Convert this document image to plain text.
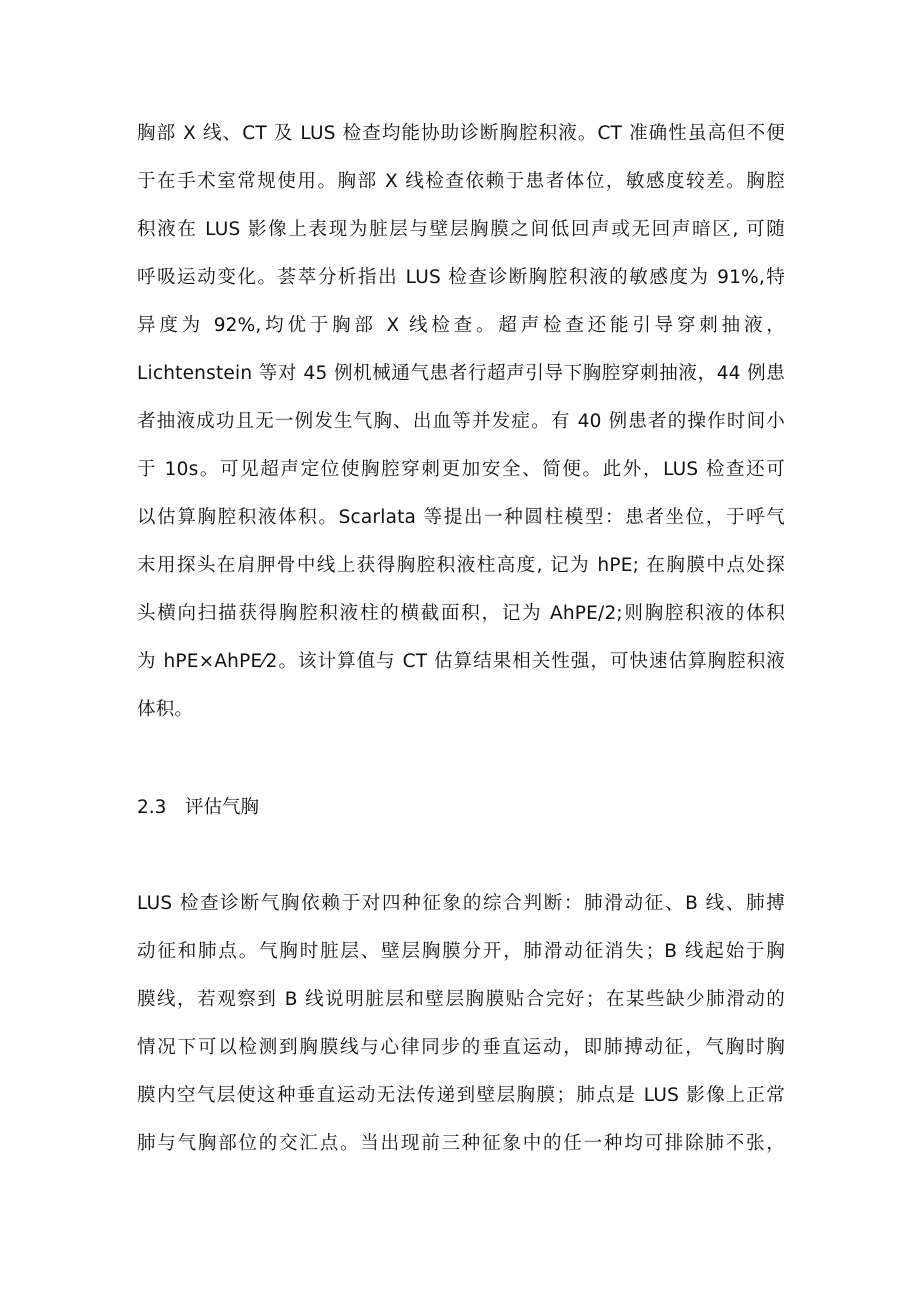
胸部 X 线、CT 及 LUS 检查均能协助诊断胸腔积液。CT 准确性虽高但不便
于在手术室常规使用。胸部 X 线检查依赖于患者体位，敏感度较差。胸腔
积液在 LUS 影像上表现为脏层与壁层胸膜之间低回声或无回声暗区, 可随
呼吸运动变化。荟萃分析指出 LUS 检查诊断胸腔积液的敏感度为 91%,特
异度为 92%,均优于胸部 X 线检查。超声检查还能引导穿刺抽液，
Lichtenstein 等对 45 例机械通气患者行超声引导下胸腔穿刺抽液，44 例患
者抽液成功且无一例发生气胸、出血等并发症。有 40 例患者的操作时间小
于 10s。可见超声定位使胸腔穿刺更加安全、简便。此外，LUS 检查还可
以估算胸腔积液体积。Scarlata 等提出一种圆柱模型：患者坐位，于呼气
末用探头在肩胛骨中线上获得胸腔积液柱高度, 记为 hPE; 在胸膜中点处探
头横向扫描获得胸腔积液柱的横截面积，记为 AhPE/2;则胸腔积液的体积
为 hPE×AhPE⁄2。该计算值与 CT 估算结果相关性强，可快速估算胸腔积液
体积。
2.3 评估气胸
LUS 检查诊断气胸依赖于对四种征象的综合判断：肺滑动征、B 线、肺搏
动征和肺点。气胸时脏层、壁层胸膜分开，肺滑动征消失；B 线起始于胸
膜线，若观察到 B 线说明脏层和壁层胸膜贴合完好；在某些缺少肺滑动的
情况下可以检测到胸膜线与心律同步的垂直运动，即肺搏动征，气胸时胸
膜内空气层使这种垂直运动无法传递到壁层胸膜；肺点是 LUS 影像上正常
肺与气胸部位的交汇点。当出现前三种征象中的任一种均可排除肺不张，
